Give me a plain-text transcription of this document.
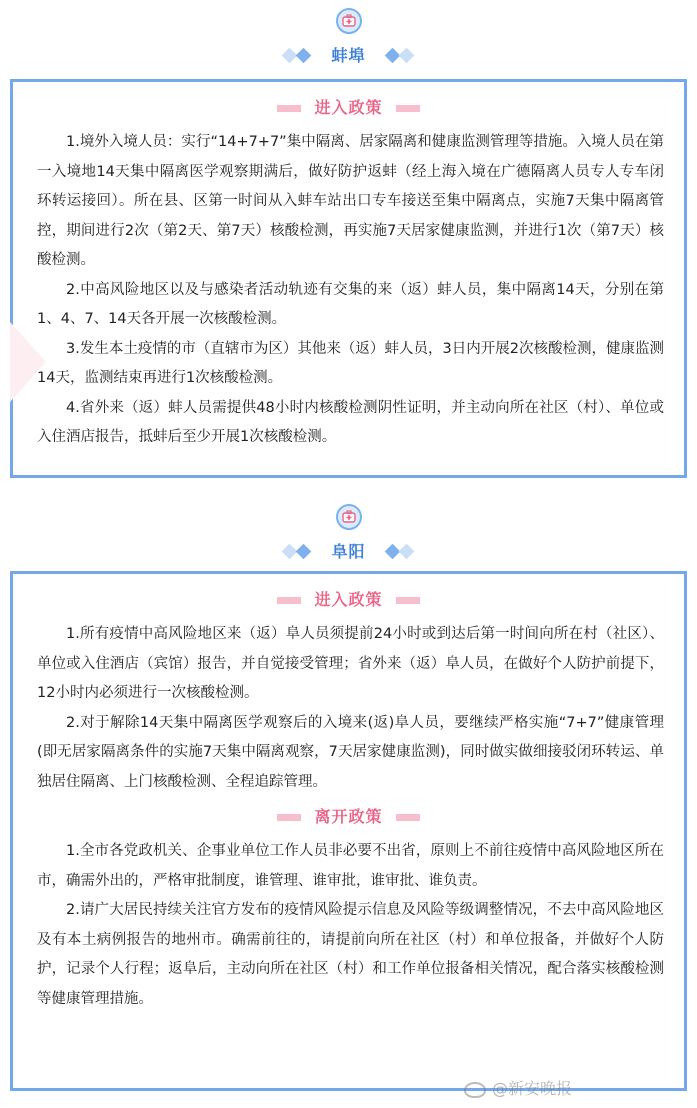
蚌埠
进入政策

1.境外入境人员：实行“14+7+7”集中隔离、居家隔离和健康监测管理等措施。入境人员在第一入境地14天集中隔离医学观察期满后，做好防护返蚌（经上海入境在广德隔离人员专人专车闭环转运接回）。所在县、区第一时间从入蚌车站出口专车接送至集中隔离点，实施7天集中隔离管控，期间进行2次（第2天、第7天）核酸检测，再实施7天居家健康监测，并进行1次（第7天）核酸检测。

2.中高风险地区以及与感染者活动轨迹有交集的来（返）蚌人员，集中隔离14天，分别在第1、4、7、14天各开展一次核酸检测。

3.发生本土疫情的市（直辖市为区）其他来（返）蚌人员，3日内开展2次核酸检测，健康监测14天，监测结束再进行1次核酸检测。

4.省外来（返）蚌人员需提供48小时内核酸检测阴性证明，并主动向所在社区（村）、单位或入住酒店报告，抵蚌后至少开展1次核酸检测。

阜阳
进入政策

1.所有疫情中高风险地区来（返）阜人员须提前24小时或到达后第一时间向所在村（社区）、单位或入住酒店（宾馆）报告，并自觉接受管理；省外来（返）阜人员，在做好个人防护前提下，12小时内必须进行一次核酸检测。

2.对于解除14天集中隔离医学观察后的入境来(返)阜人员，要继续严格实施“7+7”健康管理(即无居家隔离条件的实施7天集中隔离观察，7天居家健康监测)，同时做实做细接驳闭环转运、单独居住隔离、上门核酸检测、全程追踪管理。

离开政策

1.全市各党政机关、企事业单位工作人员非必要不出省，原则上不前往疫情中高风险地区所在市，确需外出的，严格审批制度，谁管理、谁审批，谁审批、谁负责。

2.请广大居民持续关注官方发布的疫情风险提示信息及风险等级调整情况，不去中高风险地区及有本土病例报告的地州市。确需前往的，请提前向所在社区（村）和单位报备，并做好个人防护，记录个人行程；返阜后，主动向所在社区（村）和工作单位报备相关情况，配合落实核酸检测等健康管理措施。

@新安晚报
